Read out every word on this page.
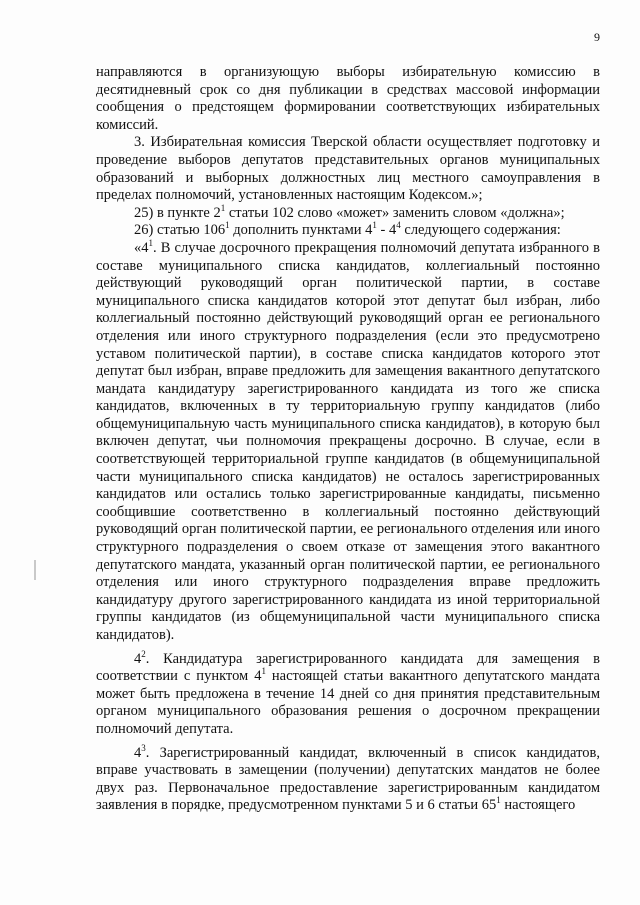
9

направляются в организующую выборы избирательную комиссию в десятидневный срок со дня публикации в средствах массовой информации сообщения о предстоящем формировании соответствующих избирательных комиссий.

3. Избирательная комиссия Тверской области осуществляет подготовку и проведение выборов депутатов представительных органов муниципальных образований и выборных должностных лиц местного самоуправления в пределах полномочий, установленных настоящим Кодексом.»;

25) в пункте $2^1$ статьи 102 слово «может» заменить словом «должна»;

26) статью $106^1$ дополнить пунктами $4^1 - 4^4$ следующего содержания:

«$4^1$. В случае досрочного прекращения полномочий депутата избранного в составе муниципального списка кандидатов, коллегиальный постоянно действующий руководящий орган политической партии, в составе муниципального списка кандидатов которой этот депутат был избран, либо коллегиальный постоянно действующий руководящий орган ее регионального отделения или иного структурного подразделения (если это предусмотрено уставом политической партии), в составе списка кандидатов которого этот депутат был избран, вправе предложить для замещения вакантного депутатского мандата кандидатуру зарегистрированного кандидата из того же списка кандидатов, включенных в ту территориальную группу кандидатов (либо общемуниципальную часть муниципального списка кандидатов), в которую был включен депутат, чьи полномочия прекращены досрочно. В случае, если в соответствующей территориальной группе кандидатов (в общемуниципальной части муниципального списка кандидатов) не осталось зарегистрированных кандидатов или остались только зарегистрированные кандидаты, письменно сообщившие соответственно в коллегиальный постоянно действующий руководящий орган политической партии, ее регионального отделения или иного структурного подразделения о своем отказе от замещения этого вакантного депутатского мандата, указанный орган политической партии, ее регионального отделения или иного структурного подразделения вправе предложить кандидатуру другого зарегистрированного кандидата из иной территориальной группы кандидатов (из общемуниципальной части муниципального списка кандидатов).

$4^2$. Кандидатура зарегистрированного кандидата для замещения в соответствии с пунктом $4^1$ настоящей статьи вакантного депутатского мандата может быть предложена в течение 14 дней со дня принятия представительным органом муниципального образования решения о досрочном прекращении полномочий депутата.

$4^3$. Зарегистрированный кандидат, включенный в список кандидатов, вправе участвовать в замещении (получении) депутатских мандатов не более двух раз. Первоначальное предоставление зарегистрированным кандидатом заявления в порядке, предусмотренном пунктами 5 и 6 статьи $65^1$ настоящего
